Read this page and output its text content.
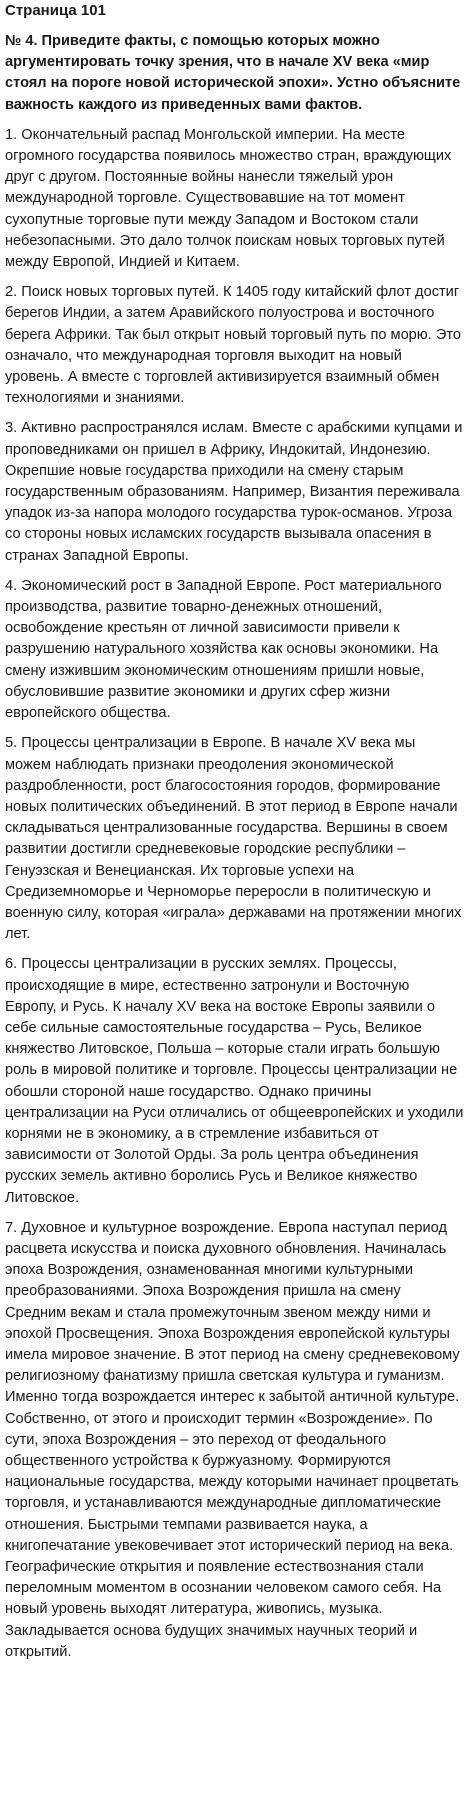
Страница 101

№ 4. Приведите факты, с помощью которых можно аргументировать точку зрения, что в начале XV века «мир стоял на пороге новой исторической эпохи». Устно объясните важность каждого из приведенных вами фактов.

1. Окончательный распад Монгольской империи. На месте огромного государства появилось множество стран, враждующих друг с другом. Постоянные войны нанесли тяжелый урон международной торговле. Существовавшие на тот момент сухопутные торговые пути между Западом и Востоком стали небезопасными. Это дало толчок поискам новых торговых путей между Европой, Индией и Китаем.

2. Поиск новых торговых путей. К 1405 году китайский флот достиг берегов Индии, а затем Аравийского полуострова и восточного берега Африки. Так был открыт новый торговый путь по морю. Это означало, что международная торговля выходит на новый уровень. А вместе с торговлей активизируется взаимный обмен технологиями и знаниями.

3. Активно распространялся ислам. Вместе с арабскими купцами и проповедниками он пришел в Африку, Индокитай, Индонезию. Окрепшие новые государства приходили на смену старым государственным образованиям. Например, Византия переживала упадок из-за напора молодого государства турок-османов. Угроза со стороны новых исламских государств вызывала опасения в странах Западной Европы.

4. Экономический рост в Западной Европе. Рост материального производства, развитие товарно-денежных отношений, освобождение крестьян от личной зависимости привели к разрушению натурального хозяйства как основы экономики. На смену изжившим экономическим отношениям пришли новые, обусловившие развитие экономики и других сфер жизни европейского общества.

5. Процессы централизации в Европе. В начале XV века мы можем наблюдать признаки преодоления экономической раздробленности, рост благосостояния городов, формирование новых политических объединений. В этот период в Европе начали складываться централизованные государства. Вершины в своем развитии достигли средневековые городские республики – Генуэзская и Венецианская. Их торговые успехи на Средиземноморье и Черноморье переросли в политическую и военную силу, которая «играла» державами на протяжении многих лет.

6. Процессы централизации в русских землях. Процессы, происходящие в мире, естественно затронули и Восточную Европу, и Русь. К началу XV века на востоке Европы заявили о себе сильные самостоятельные государства – Русь, Великое княжество Литовское, Польша – которые стали играть большую роль в мировой политике и торговле. Процессы централизации не обошли стороной наше государство. Однако причины централизации на Руси отличались от общеевропейских и уходили корнями не в экономику, а в стремление избавиться от зависимости от Золотой Орды. За роль центра объединения русских земель активно боролись Русь и Великое княжество Литовское.

7. Духовное и культурное возрождение. Европа наступал период расцвета искусства и поиска духовного обновления. Начиналась эпоха Возрождения, ознаменованная многими культурными преобразованиями. Эпоха Возрождения пришла на смену Средним векам и стала промежуточным звеном между ними и эпохой Просвещения. Эпоха Возрождения европейской культуры имела мировое значение. В этот период на смену средневековому религиозному фанатизму пришла светская культура и гуманизм. Именно тогда возрождается интерес к забытой античной культуре. Собственно, от этого и происходит термин «Возрождение». По сути, эпоха Возрождения – это переход от феодального общественного устройства к буржуазному. Формируются национальные государства, между которыми начинает процветать торговля, и устанавливаются международные дипломатические отношения. Быстрыми темпами развивается наука, а книгопечатание увековечивает этот исторический период на века. Географические открытия и появление естествознания стали переломным моментом в осознании человеком самого себя. На новый уровень выходят литература, живопись, музыка. Закладывается основа будущих значимых научных теорий и открытий.
